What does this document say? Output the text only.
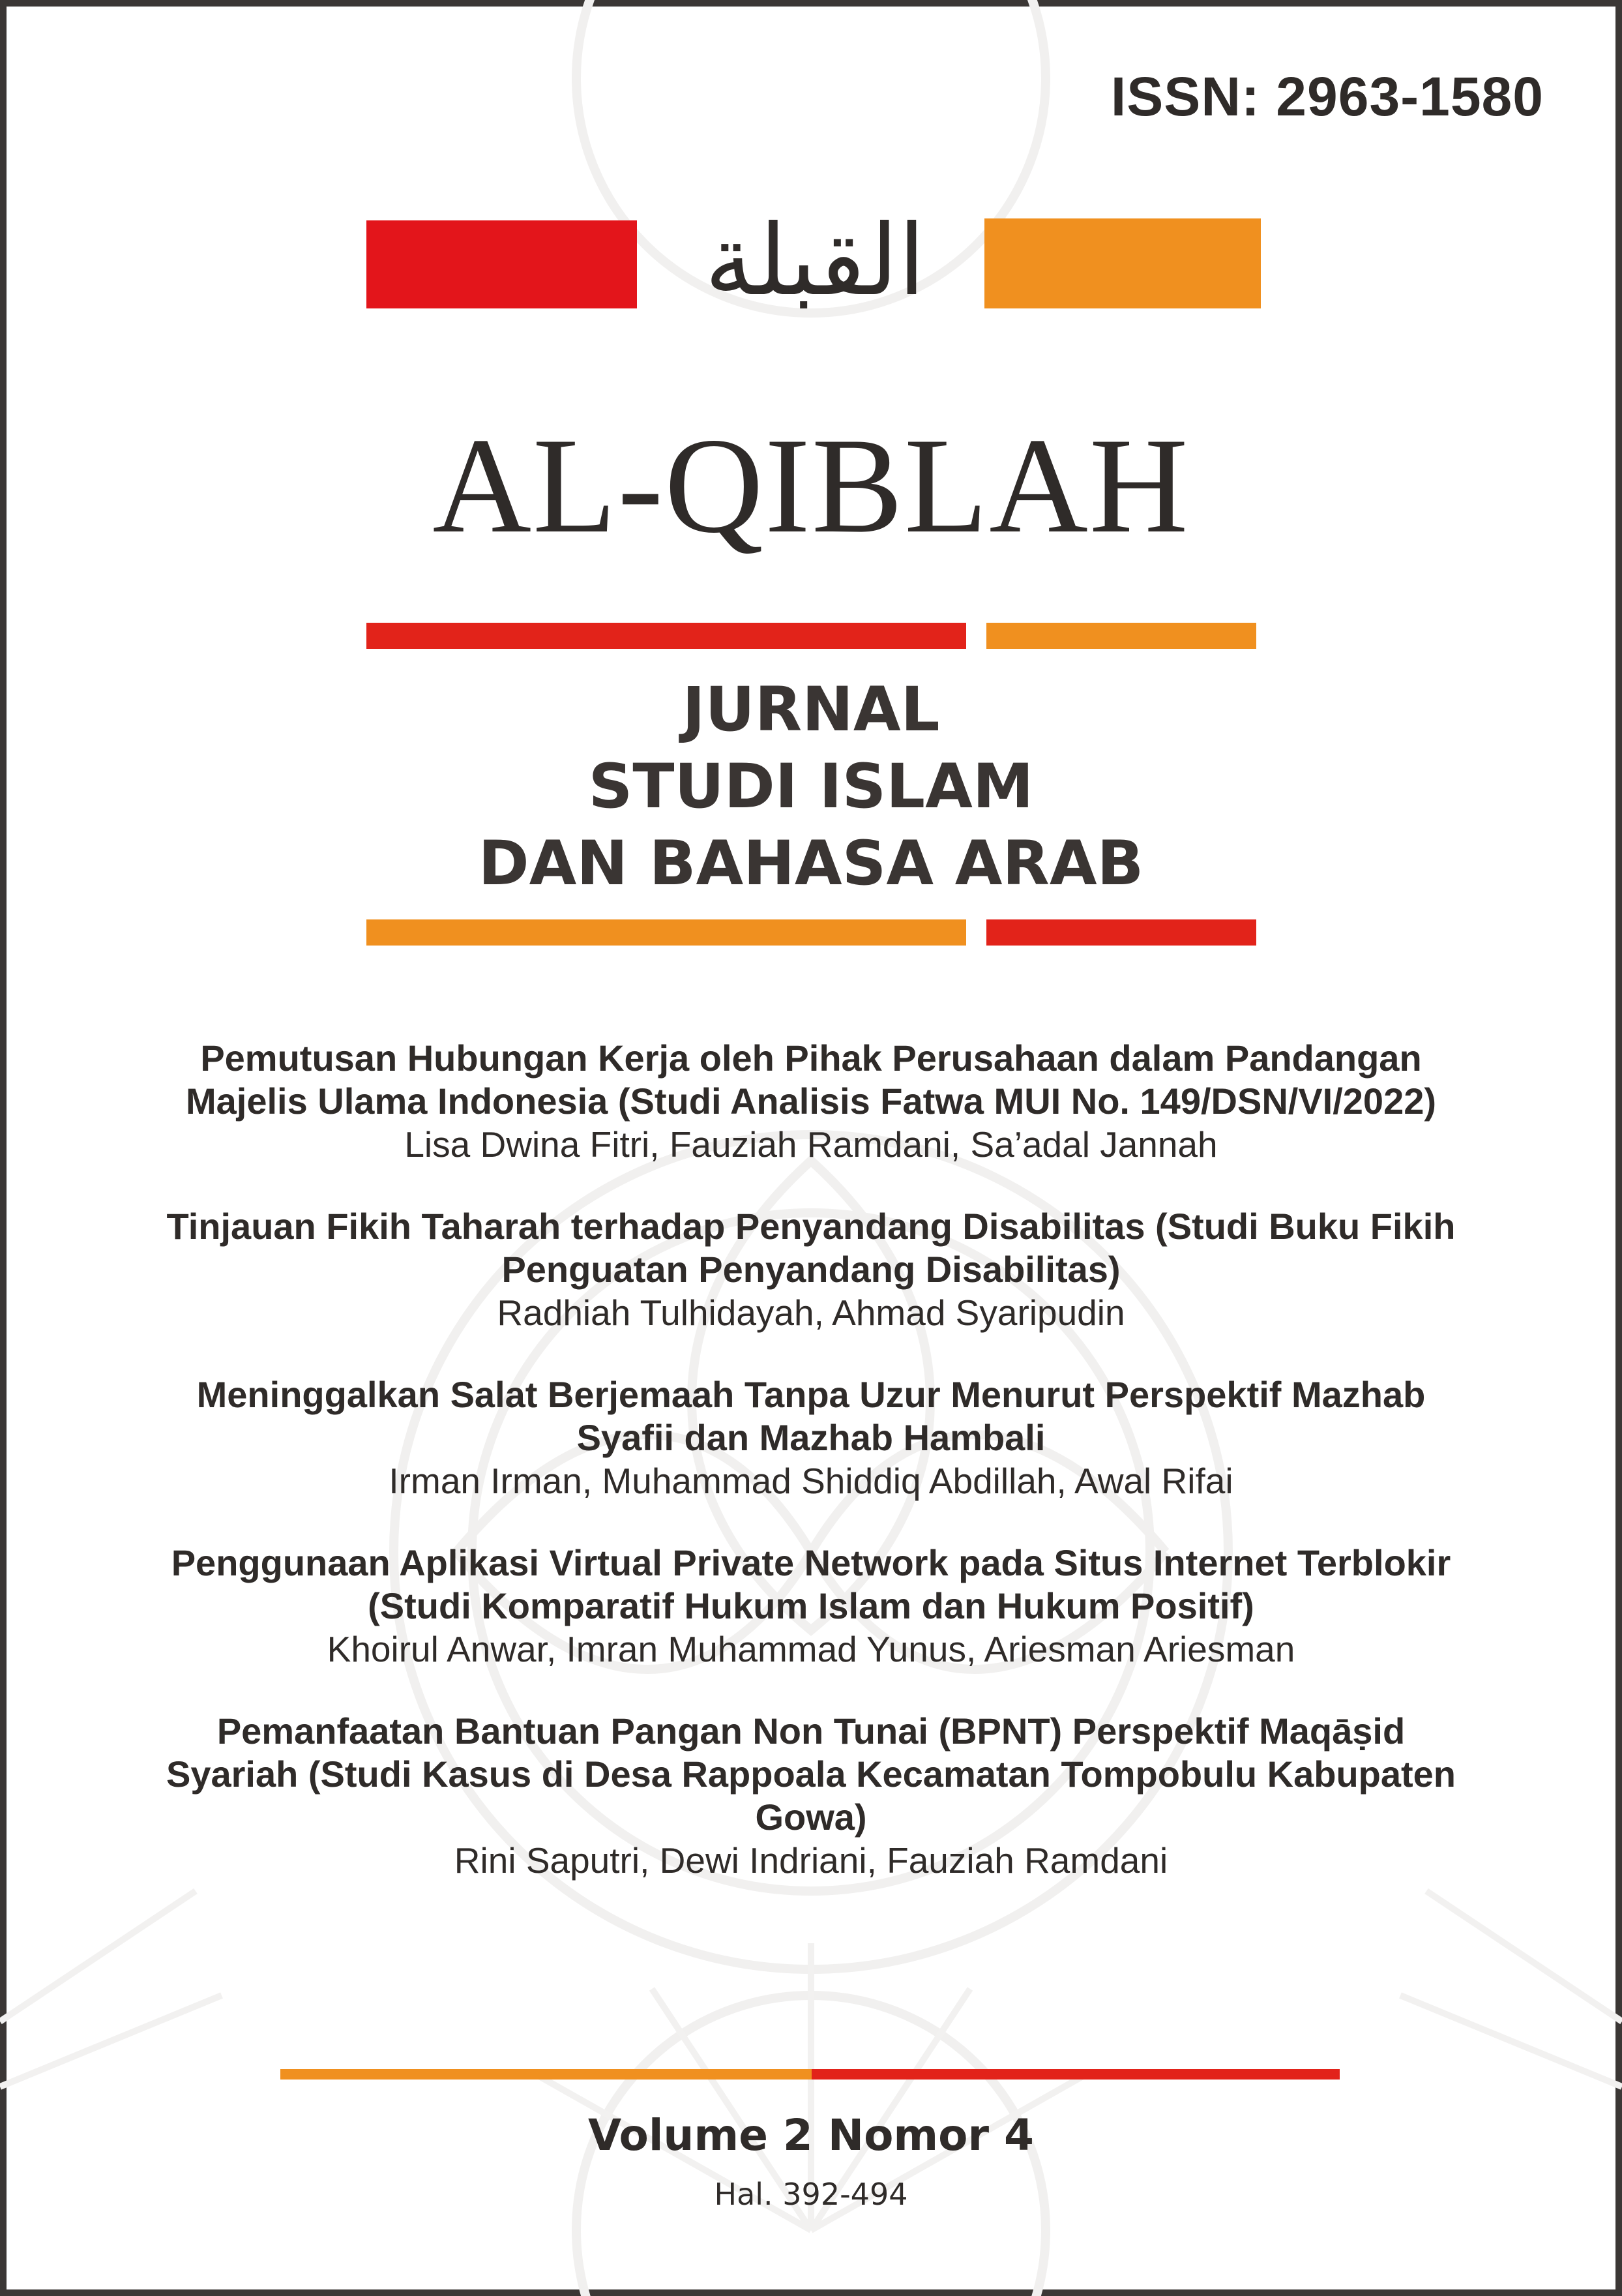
ISSN: 2963-1580
القبلة
AL-QIBLAH
JURNAL
STUDI ISLAM
DAN BAHASA ARAB
Pemutusan Hubungan Kerja oleh Pihak Perusahaan dalam Pandangan
Majelis Ulama Indonesia (Studi Analisis Fatwa MUI No. 149/DSN/VI/2022)
Lisa Dwina Fitri, Fauziah Ramdani, Sa’adal Jannah
Tinjauan Fikih Taharah terhadap Penyandang Disabilitas (Studi Buku Fikih
Penguatan Penyandang Disabilitas)
Radhiah Tulhidayah, Ahmad Syaripudin
Meninggalkan Salat Berjemaah Tanpa Uzur Menurut Perspektif Mazhab
Syafii dan Mazhab Hambali
Irman Irman, Muhammad Shiddiq Abdillah, Awal Rifai
Penggunaan Aplikasi Virtual Private Network pada Situs Internet Terblokir
(Studi Komparatif Hukum Islam dan Hukum Positif)
Khoirul Anwar, Imran Muhammad Yunus, Ariesman Ariesman
Pemanfaatan Bantuan Pangan Non Tunai (BPNT) Perspektif Maqāṣid
Syariah (Studi Kasus di Desa Rappoala Kecamatan Tompobulu Kabupaten
Gowa)
Rini Saputri, Dewi Indriani, Fauziah Ramdani
Volume 2 Nomor 4
Hal. 392-494
